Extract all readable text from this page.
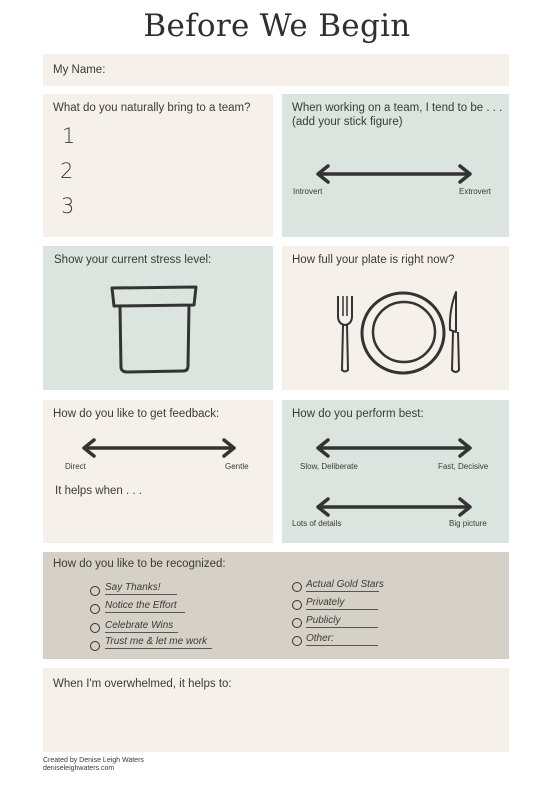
Before We Begin
My Name:
What do you naturally bring to a team?
1
2
3
When working on a team, I tend to be . . .
(add your stick figure)
Introvert	Extrovert
Show your current stress level:	How full your plate is right now?
How do you like to get feedback:
Direct	Gentle
It helps when . . .
How do you perform best:
Slow, Deliberate	Fast, Decisive
Lots of details	Big picture
How do you like to be recognized:
Say Thanks!
Notice the Effort
Celebrate Wins
Trust me & let me work
Actual Gold Stars
Privately
Publicly
Other:
When I'm overwhelmed, it helps to:
Created by Denise Leigh Waters
deniseleighwaters.com
